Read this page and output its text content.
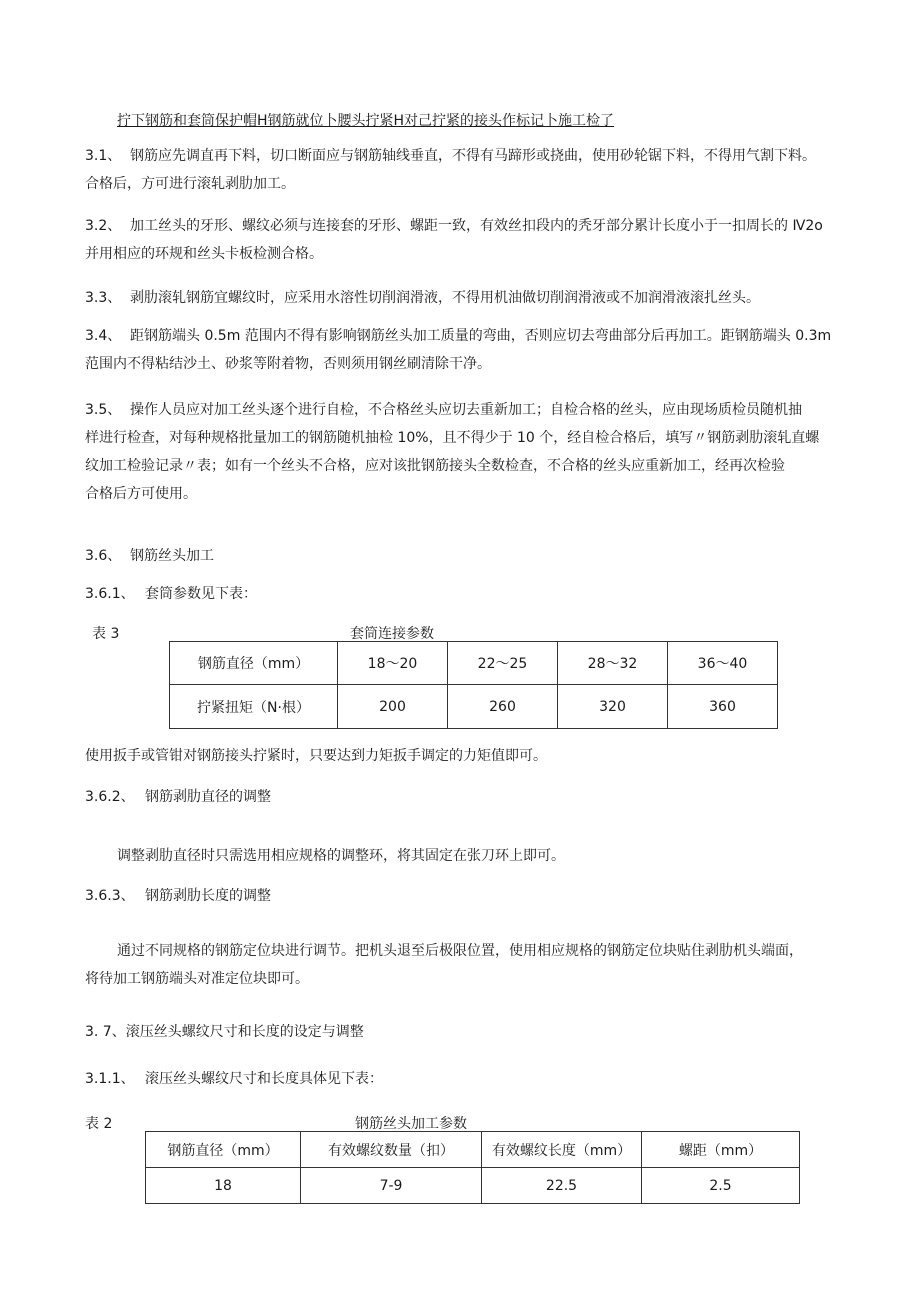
拧下钢筋和套筒保护帽H钢筋就位卜腰头拧紧H对己拧紧的接头作标记卜施工检了
3.1、 钢筋应先调直再下料，切口断面应与钢筋轴线垂直，不得有马蹄形或挠曲，使用砂轮锯下料，不得用气割下料。
合格后，方可进行滚轧剥肋加工。
3.2、 加工丝头的牙形、螺纹必须与连接套的牙形、螺距一致，有效丝扣段内的秃牙部分累计长度小于一扣周长的 Ⅳ2o
并用相应的环规和丝头卡板检测合格。
3.3、 剥肋滚轧钢筋宜螺纹时，应采用水溶性切削润滑液，不得用机油做切削润滑液或不加润滑液滚扎丝头。
3.4、 距钢筋端头 0.5m 范围内不得有影响钢筋丝头加工质量的弯曲，否则应切去弯曲部分后再加工。距钢筋端头 0.3m
范围内不得粘结沙土、砂浆等附着物，否则须用钢丝刷清除干净。
3.5、 操作人员应对加工丝头逐个进行自检，不合格丝头应切去重新加工；自检合格的丝头，应由现场质检员随机抽
样进行检查，对每种规格批量加工的钢筋随机抽检 10%，且不得少于 10 个，经自检合格后，填写〃钢筋剥肋滚轧直螺
纹加工检验记录〃表；如有一个丝头不合格，应对该批钢筋接头全数检查，不合格的丝头应重新加工，经再次检验
合格后方可使用。
3.6、 钢筋丝头加工
3.6.1、 套筒参数见下表：
表 3	套筒连接参数
钢筋直径（mm）	18～20	22～25	28～32	36～40
拧紧扭矩（N·根）	200	260	320	360
使用扳手或管钳对钢筋接头拧紧时，只要达到力矩扳手调定的力矩值即可。
3.6.2、 钢筋剥肋直径的调整
调整剥肋直径时只需选用相应规格的调整环，将其固定在张刀环上即可。
3.6.3、 钢筋剥肋长度的调整
通过不同规格的钢筋定位块进行调节。把机头退至后极限位置，使用相应规格的钢筋定位块贴住剥肋机头端面，
将待加工钢筋端头对准定位块即可。
3. 7、滚压丝头螺纹尺寸和长度的设定与调整
3.1.1、 滚压丝头螺纹尺寸和长度具体见下表：
表 2	钢筋丝头加工参数
钢筋直径（mm）	有效螺纹数量（扣）	有效螺纹长度（mm）	螺距（mm）
18	7-9	22.5	2.5
